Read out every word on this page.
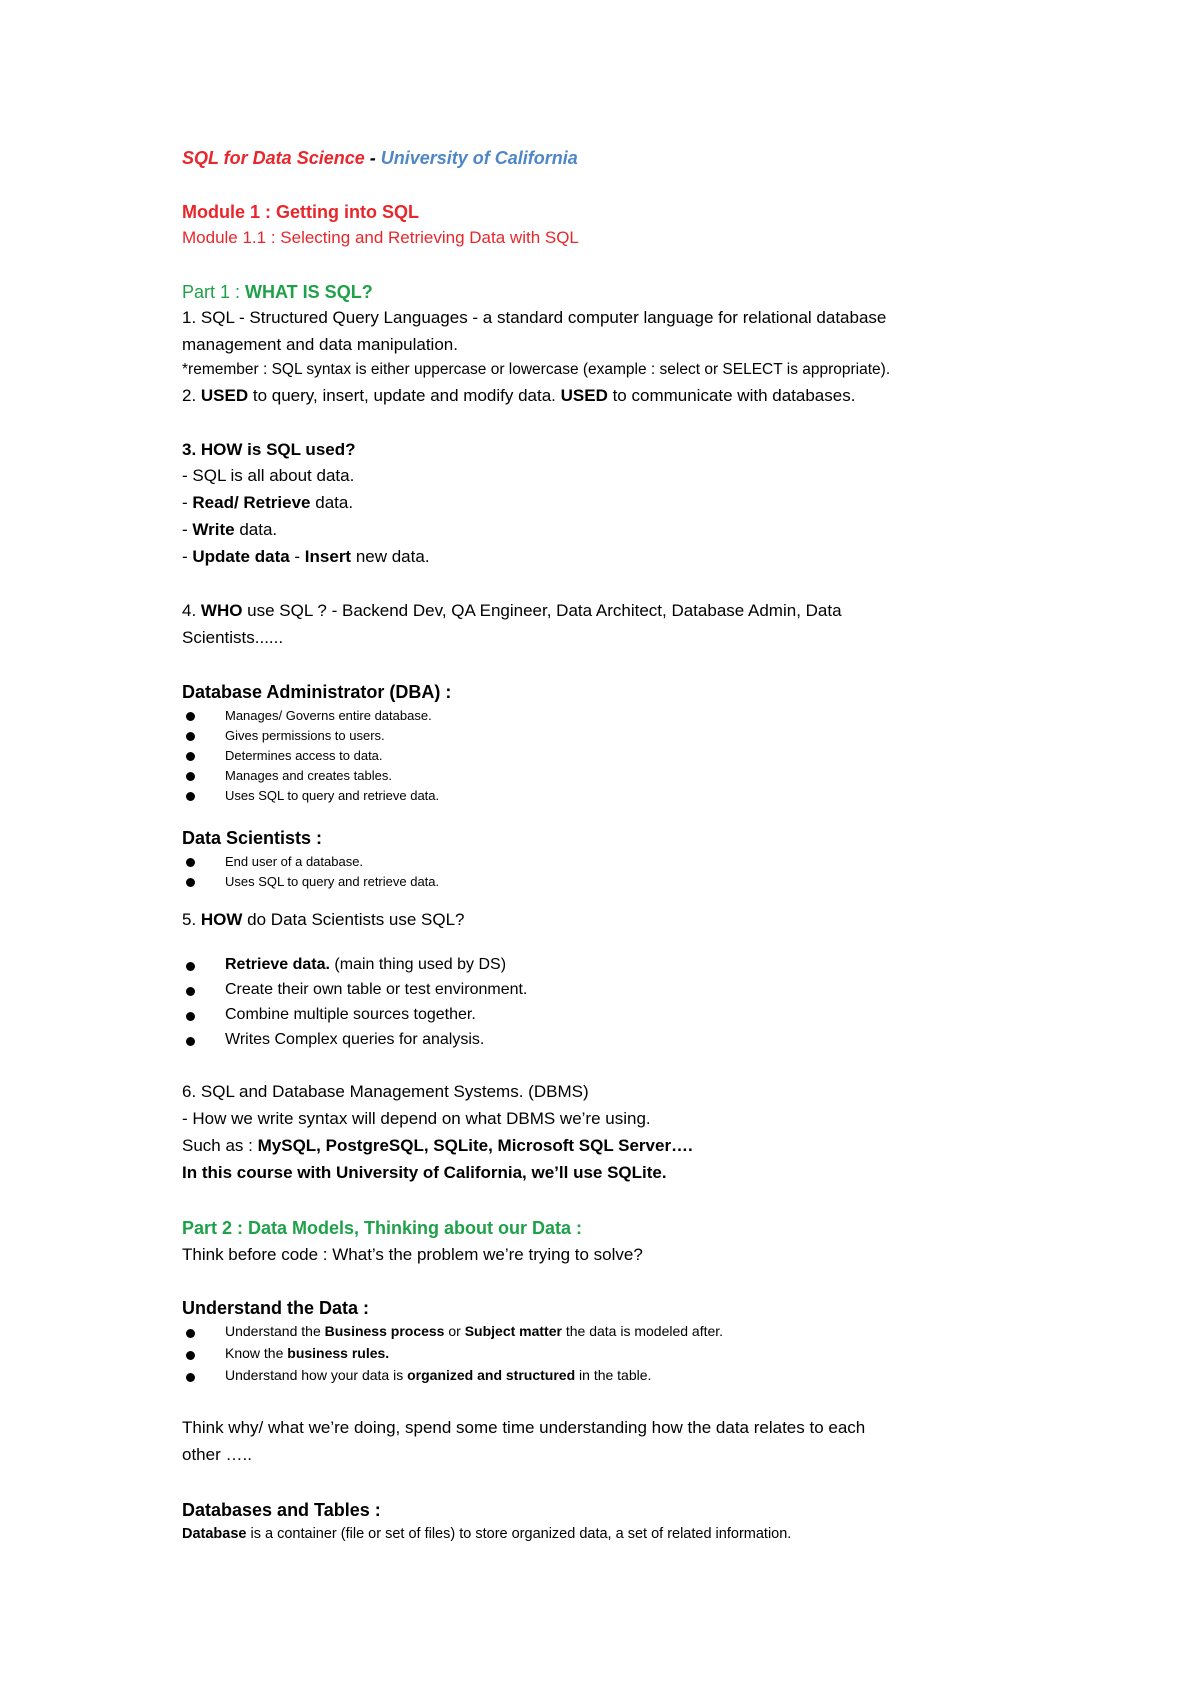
SQL for Data Science - University of California

Module 1 : Getting into SQL

Module 1.1 : Selecting and Retrieving Data with SQL

Part 1 : WHAT IS SQL?

1. SQL - Structured Query Languages - a standard computer language for relational database

management and data manipulation.

*remember : SQL syntax is either uppercase or lowercase (example : select or SELECT is appropriate).

2. USED to query, insert, update and modify data. USED to communicate with databases.

3. HOW is SQL used?

- SQL is all about data.

- Read/ Retrieve data.

- Write data.

- Update data - Insert new data.

4. WHO use SQL ? - Backend Dev, QA Engineer, Data Architect, Database Admin, Data

Scientists......

Database Administrator (DBA) :

Manages/ Governs entire database.
Gives permissions to users.
Determines access to data.
Manages and creates tables.
Uses SQL to query and retrieve data.

Data Scientists :

End user of a database.
Uses SQL to query and retrieve data.

5. HOW do Data Scientists use SQL?

Retrieve data. (main thing used by DS)
Create their own table or test environment.
Combine multiple sources together.
Writes Complex queries for analysis.

6. SQL and Database Management Systems. (DBMS)

- How we write syntax will depend on what DBMS we’re using.

Such as : MySQL, PostgreSQL, SQLite, Microsoft SQL Server….

In this course with University of California, we’ll use SQLite.

Part 2 : Data Models, Thinking about our Data :

Think before code : What’s the problem we’re trying to solve?

Understand the Data :

Understand the Business process or Subject matter the data is modeled after.
Know the business rules.
Understand how your data is organized and structured in the table.

Think why/ what we’re doing, spend some time understanding how the data relates to each

other …..

Databases and Tables :

Database is a container (file or set of files) to store organized data, a set of related information.
